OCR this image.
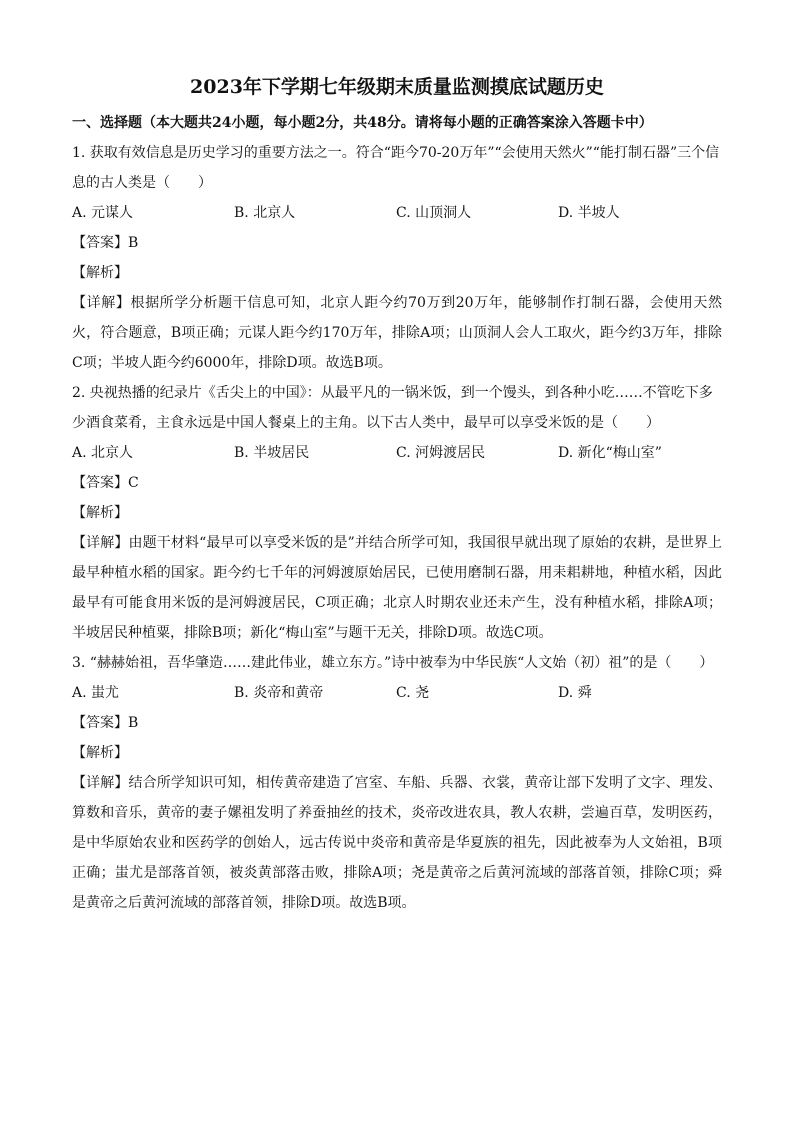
2023年下学期七年级期末质量监测摸底试题历史

一、选择题（本大题共24小题，每小题2分，共48分。请将每小题的正确答案涂入答题卡中）

1. 获取有效信息是历史学习的重要方法之一。符合“距今70-20万年”“会使用天然火”“能打制石器”三个信息的古人类是（　　）

A. 元谋人	B. 北京人	C. 山顶洞人	D. 半坡人

【答案】B

【解析】

【详解】根据所学分析题干信息可知，北京人距今约70万到20万年，能够制作打制石器，会使用天然火，符合题意，B项正确；元谋人距今约170万年，排除A项；山顶洞人会人工取火，距今约3万年，排除C项；半坡人距今约6000年，排除D项。故选B项。

2. 央视热播的纪录片《舌尖上的中国》：从最平凡的一锅米饭，到一个馒头，到各种小吃……不管吃下多少酒食菜肴，主食永远是中国人餐桌上的主角。以下古人类中，最早可以享受米饭的是（　　）

A. 北京人	B. 半坡居民	C. 河姆渡居民	D. 新化“梅山室”

【答案】C

【解析】

【详解】由题干材料“最早可以享受米饭的是”并结合所学可知，我国很早就出现了原始的农耕，是世界上最早种植水稻的国家。距今约七千年的河姆渡原始居民，已使用磨制石器，用耒耜耕地，种植水稻，因此最早有可能食用米饭的是河姆渡居民，C项正确；北京人时期农业还未产生，没有种植水稻，排除A项；半坡居民种植粟，排除B项；新化“梅山室”与题干无关，排除D项。故选C项。

3. “赫赫始祖，吾华肇造……建此伟业，雄立东方。”诗中被奉为中华民族“人文始（初）祖”的是（　　）

A. 蚩尤	B. 炎帝和黄帝	C. 尧	D. 舜

【答案】B

【解析】

【详解】结合所学知识可知，相传黄帝建造了宫室、车船、兵器、衣裳，黄帝让部下发明了文字、理发、算数和音乐，黄帝的妻子嫘祖发明了养蚕抽丝的技术，炎帝改进农具，教人农耕，尝遍百草，发明医药，是中华原始农业和医药学的创始人，远古传说中炎帝和黄帝是华夏族的祖先，因此被奉为人文始祖，B项正确；蚩尤是部落首领，被炎黄部落击败，排除A项；尧是黄帝之后黄河流域的部落首领，排除C项；舜是黄帝之后黄河流域的部落首领，排除D项。故选B项。
